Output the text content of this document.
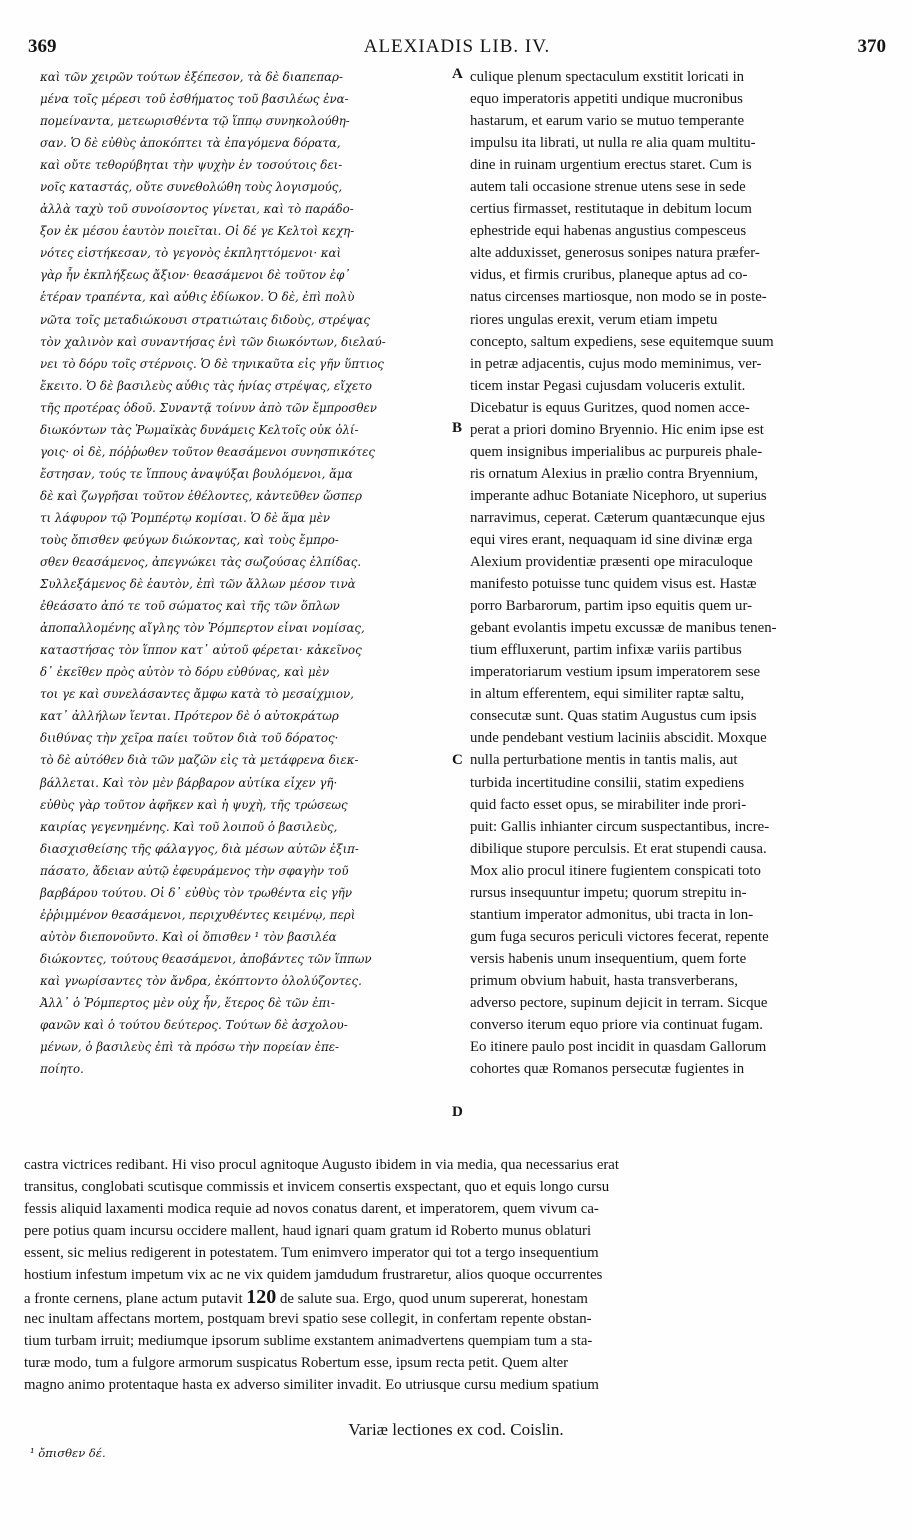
369	ALEXIADIS LIB. IV.	370
καὶ τῶν χειρῶν τούτων ἐξέπεσον, τὰ δὲ διαπεπαρ-
μένα τοῖς μέρεσι τοῦ ἐσθήματος τοῦ βασιλέως ἐνα-
πομείναντα, μετεωρισθέντα τῷ ἵππῳ συνηκολούθη-
σαν. Ὁ δὲ εὐθὺς ἀποκόπτει τὰ ἐπαγόμενα δόρατα,
καὶ οὔτε τεθορύβηται τὴν ψυχὴν ἐν τοσούτοις δει-
νοῖς καταστάς, οὔτε συνεθολώθη τοὺς λογισμούς,
ἀλλὰ ταχὺ τοῦ συνοίσοντος γίνεται, καὶ τὸ παράδο-
ξον ἐκ μέσου ἑαυτὸν ποιεῖται. Οἱ δέ γε Κελτοὶ κεχη-
νότες εἱστήκεσαν, τὸ γεγονὸς ἐκπληττόμενοι· καὶ
γὰρ ἦν ἐκπλήξεως ἄξιον· θεασάμενοι δὲ τοῦτον ἐφ᾽
ἑτέραν τραπέντα, καὶ αὖθις ἐδίωκον. Ὁ δὲ, ἐπὶ πολὺ
νῶτα τοῖς μεταδιώκουσι στρατιώταις διδοὺς, στρέψας
τὸν χαλινὸν καὶ συναντήσας ἑνὶ τῶν διωκόντων, διελαύ-
νει τὸ δόρυ τοῖς στέρνοις. Ὁ δὲ τηνικαῦτα εἰς γῆν ὕπτιος
ἔκειτο. Ὁ δὲ βασιλεὺς αὖθις τὰς ἡνίας στρέψας, εἴχετο
τῆς προτέρας ὁδοῦ. Συναντᾷ τοίνυν ἀπὸ τῶν ἔμπροσθεν
διωκόντων τὰς Ῥωμαϊκὰς δυνάμεις Κελτοῖς οὐκ ὀλί-
γοις· οἱ δὲ, πόῤῥωθεν τοῦτον θεασάμενοι συνησπικότες
ἔστησαν, τούς τε ἵππους ἀναψύξαι βουλόμενοι, ἅμα
δὲ καὶ ζωγρῆσαι τοῦτον ἐθέλοντες, κἀντεῦθεν ὥσπερ
τι λάφυρον τῷ Ῥομπέρτῳ κομίσαι. Ὁ δὲ ἅμα μὲν
τοὺς ὄπισθεν φεύγων διώκοντας, καὶ τοὺς ἔμπρο-
σθεν θεασάμενος, ἀπεγνώκει τὰς σωζούσας ἐλπίδας.
Συλλεξάμενος δὲ ἑαυτὸν, ἐπὶ τῶν ἄλλων μέσον τινὰ
ἐθεάσατο ἀπό τε τοῦ σώματος καὶ τῆς τῶν ὅπλων
ἀποπαλλομένης αἴγλης τὸν Ῥόμπερτον εἶναι νομίσας,
καταστήσας τὸν ἵππον κατ᾽ αὐτοῦ φέρεται· κἀκεῖνος
δ᾽ ἐκεῖθεν πρὸς αὐτὸν τὸ δόρυ εὐθύνας, καὶ μὲν
τοι γε καὶ συνελάσαντες ἄμφω κατὰ τὸ μεσαίχμιον,
κατ᾽ ἀλλήλων ἵενται. Πρότερον δὲ ὁ αὐτοκράτωρ
διιθύνας τὴν χεῖρα παίει τοῦτον διὰ τοῦ δόρατος·
τὸ δὲ αὐτόθεν διὰ τῶν μαζῶν εἰς τὰ μετάφρενα διεκ-
βάλλεται. Καὶ τὸν μὲν βάρβαρον αὐτίκα εἶχεν γῆ·
εὐθὺς γὰρ τοῦτον ἀφῆκεν καὶ ἡ ψυχὴ, τῆς τρώσεως
καιρίας γεγενημένης. Καὶ τοῦ λοιποῦ ὁ βασιλεὺς,
διασχισθείσης τῆς φάλαγγος, διὰ μέσων αὐτῶν ἐξιπ-
πάσατο, ἄδειαν αὐτῷ ἐφευράμενος τὴν σφαγὴν τοῦ
βαρβάρου τούτου. Οἱ δ᾽ εὐθὺς τὸν τρωθέντα εἰς γῆν
ἐῤῥιμμένον θεασάμενοι, περιχυθέντες κειμένῳ, περὶ
αὐτὸν διεπονοῦντο. Καὶ οἱ ὄπισθεν ¹ τὸν βασιλέα
διώκοντες, τούτους θεασάμενοι, ἀποβάντες τῶν ἵππων
καὶ γνωρίσαντες τὸν ἄνδρα, ἐκόπτοντο ὀλολύζοντες.
Ἀλλ᾽ ὁ Ῥόμπερτος μὲν οὐχ ἦν, ἕτερος δὲ τῶν ἐπι-
φανῶν καὶ ὁ τούτου δεύτερος. Τούτων δὲ ἀσχολου-
μένων, ὁ βασιλεὺς ἐπὶ τὰ πρόσω τὴν πορείαν ἐπε-
ποίητο.
A
B
C
D
culique plenum spectaculum exstitit loricati in
equo imperatoris appetiti undique mucronibus
hastarum, et earum vario se mutuo temperante
impulsu ita librati, ut nulla re alia quam multitu-
dine in ruinam urgentium erectus staret. Cum is
autem tali occasione strenue utens sese in sede
certius firmasset, restitutaque in debitum locum
ephestride equi habenas angustius compesceus
alte adduxisset, generosus sonipes natura præfer-
vidus, et firmis cruribus, planeque aptus ad co-
natus circenses martiosque, non modo se in poste-
riores ungulas erexit, verum etiam impetu
concepto, saltum expediens, sese equitemque suum
in petræ adjacentis, cujus modo meminimus, ver-
ticem instar Pegasi cujusdam voluceris extulit.
Dicebatur is equus Guritzes, quod nomen acce-
perat a priori domino Bryennio. Hic enim ipse est
quem insignibus imperialibus ac purpureis phale-
ris ornatum Alexius in prælio contra Bryennium,
imperante adhuc Botaniate Nicephoro, ut superius
narravimus, ceperat. Cæterum quantæcunque ejus
equi vires erant, nequaquam id sine divinæ erga
Alexium providentiæ præsenti ope miraculoque
manifesto potuisse tunc quidem visus est. Hastæ
porro Barbarorum, partim ipso equitis quem ur-
gebant evolantis impetu excussæ de manibus tenen-
tium effluxerunt, partim infixæ variis partibus
imperatoriarum vestium ipsum imperatorem sese
in altum efferentem, equi similiter raptæ saltu,
consecutæ sunt. Quas statim Augustus cum ipsis
unde pendebant vestium laciniis abscidit. Moxque
nulla perturbatione mentis in tantis malis, aut
turbida incertitudine consilii, statim expediens
quid facto esset opus, se mirabiliter inde prori-
puit: Gallis inhianter circum suspectantibus, incre-
dibilique stupore perculsis. Et erat stupendi causa.
Mox alio procul itinere fugientem conspicati toto
rursus insequuntur impetu; quorum strepitu in-
stantium imperator admonitus, ubi tracta in lon-
gum fuga securos periculi victores fecerat, repente
versis habenis unum insequentium, quem forte
primum obvium habuit, hasta transverberans,
adverso pectore, supinum dejicit in terram. Sicque
converso iterum equo priore via continuat fugam.
Eo itinere paulo post incidit in quasdam Gallorum
cohortes quæ Romanos persecutæ fugientes in
castra victrices redibant. Hi viso procul agnitoque Augusto ibidem in via media, qua necessarius erat
transitus, conglobati scutisque commissis et invicem consertis exspectant, quo et equis longo cursu
fessis aliquid laxamenti modica requie ad novos conatus darent, et imperatorem, quem vivum ca-
pere potius quam incursu occidere mallent, haud ignari quam gratum id Roberto munus oblaturi
essent, sic melius redigerent in potestatem. Tum enimvero imperator qui tot a tergo insequentium
hostium infestum impetum vix ac ne vix quidem jamdudum frustraretur, alios quoque occurrentes
a fronte cernens, plane actum putavit 120 de salute sua. Ergo, quod unum supererat, honestam
nec inultam affectans mortem, postquam brevi spatio sese collegit, in confertam repente obstan-
tium turbam irruit; mediumque ipsorum sublime exstantem animadvertens quempiam tum a sta-
turæ modo, tum a fulgore armorum suspicatus Robertum esse, ipsum recta petit. Quem alter
magno animo protentaque hasta ex adverso similiter invadit. Eo utriusque cursu medium spatium
Variæ lectiones ex cod. Coislin.
¹ ὄπισθεν δέ.
